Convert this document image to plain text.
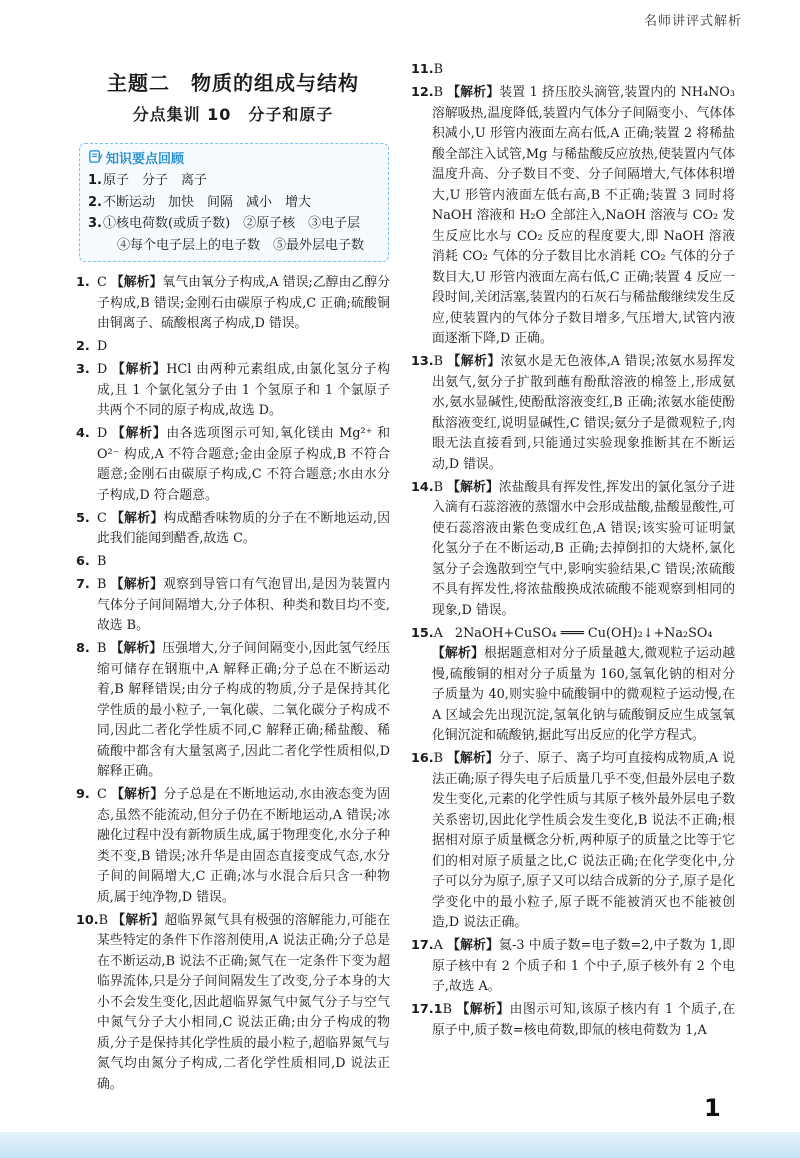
名师讲评式解析
主题二　物质的组成与结构
分点集训 10　分子和原子
知识要点回顾
1.原子　分子　离子
2.不断运动　加快　间隔　减小　增大
3.①核电荷数(或质子数)　②原子核　③电子层
④每个电子层上的电子数　⑤最外层电子数
1. C 【解析】氧气由氧分子构成,A 错误;乙醇由乙醇分子构成,B 错误;金刚石由碳原子构成,C 正确;硫酸铜由铜离子、硫酸根离子构成,D 错误。
2. D
3. D 【解析】HCl 由两种元素组成,由氯化氢分子构成,且 1 个氯化氢分子由 1 个氢原子和 1 个氯原子共两个不同的原子构成,故选 D。
4. D 【解析】由各选项图示可知,氧化镁由 Mg²⁺ 和 O²⁻ 构成,A 不符合题意;金由金原子构成,B 不符合题意;金刚石由碳原子构成,C 不符合题意;水由水分子构成,D 符合题意。
5. C 【解析】构成醋香味物质的分子在不断地运动,因此我们能闻到醋香,故选 C。
6. B
7. B 【解析】观察到导管口有气泡冒出,是因为装置内气体分子间间隔增大,分子体积、种类和数目均不变,故选 B。
8. B 【解析】压强增大,分子间间隔变小,因此氢气经压缩可储存在钢瓶中,A 解释正确;分子总在不断运动着,B 解释错误;由分子构成的物质,分子是保持其化学性质的最小粒子,一氧化碳、二氧化碳分子构成不同,因此二者化学性质不同,C 解释正确;稀盐酸、稀硫酸中都含有大量氢离子,因此二者化学性质相似,D 解释正确。
9. C 【解析】分子总是在不断地运动,水由液态变为固态,虽然不能流动,但分子仍在不断地运动,A 错误;冰融化过程中没有新物质生成,属于物理变化,水分子种类不变,B 错误;冰升华是由固态直接变成气态,水分子间的间隔增大,C 正确;冰与水混合后只含一种物质,属于纯净物,D 错误。
10.B 【解析】超临界氮气具有极强的溶解能力,可能在某些特定的条件下作溶剂使用,A 说法正确;分子总是在不断运动,B 说法不正确;氮气在一定条件下变为超临界流体,只是分子间间隔发生了改变,分子本身的大小不会发生变化,因此超临界氮气中氮气分子与空气中氮气分子大小相同,C 说法正确;由分子构成的物质,分子是保持其化学性质的最小粒子,超临界氮气与氮气均由氮分子构成,二者化学性质相同,D 说法正确。
11.B
12.B 【解析】装置 1 挤压胶头滴管,装置内的 NH₄NO₃ 溶解吸热,温度降低,装置内气体分子间隔变小、气体体积减小,U 形管内液面左高右低,A 正确;装置 2 将稀盐酸全部注入试管,Mg 与稀盐酸反应放热,使装置内气体温度升高、分子数目不变、分子间隔增大,气体体积增大,U 形管内液面左低右高,B 不正确;装置 3 同时将 NaOH 溶液和 H₂O 全部注入,NaOH 溶液与 CO₂ 发生反应比水与 CO₂ 反应的程度要大,即 NaOH 溶液消耗 CO₂ 气体的分子数目比水消耗 CO₂ 气体的分子数目大,U 形管内液面左高右低,C 正确;装置 4 反应一段时间,关闭活塞,装置内的石灰石与稀盐酸继续发生反应,使装置内的气体分子数目增多,气压增大,试管内液面逐渐下降,D 正确。
13.B 【解析】浓氨水是无色液体,A 错误;浓氨水易挥发出氨气,氨分子扩散到蘸有酚酞溶液的棉签上,形成氨水,氨水显碱性,使酚酞溶液变红,B 正确;浓氨水能使酚酞溶液变红,说明显碱性,C 错误;氨分子是微观粒子,肉眼无法直接看到,只能通过实验现象推断其在不断运动,D 错误。
14.B 【解析】浓盐酸具有挥发性,挥发出的氯化氢分子进入滴有石蕊溶液的蒸馏水中会形成盐酸,盐酸显酸性,可使石蕊溶液由紫色变成红色,A 错误;该实验可证明氯化氢分子在不断运动,B 正确;去掉倒扣的大烧杯,氯化氢分子会逸散到空气中,影响实验结果,C 错误;浓硫酸不具有挥发性,将浓盐酸换成浓硫酸不能观察到相同的现象,D 错误。
15.A 2NaOH+CuSO₄ ═══ Cu(OH)₂↓+Na₂SO₄
【解析】根据题意相对分子质量越大,微观粒子运动越慢,硫酸铜的相对分子质量为 160,氢氧化钠的相对分子质量为 40,则实验中硫酸铜中的微观粒子运动慢,在 A 区域会先出现沉淀,氢氧化钠与硫酸铜反应生成氢氧化铜沉淀和硫酸钠,据此写出反应的化学方程式。
16.B 【解析】分子、原子、离子均可直接构成物质,A 说法正确;原子得失电子后质量几乎不变,但最外层电子数发生变化,元素的化学性质与其原子核外最外层电子数关系密切,因此化学性质会发生变化,B 说法不正确;根据相对原子质量概念分析,两种原子的质量之比等于它们的相对原子质量之比,C 说法正确;在化学变化中,分子可以分为原子,原子又可以结合成新的分子,原子是化学变化中的最小粒子,原子既不能被消灭也不能被创造,D 说法正确。
17.A 【解析】氦-3 中质子数=电子数=2,中子数为 1,即原子核中有 2 个质子和 1 个中子,原子核外有 2 个电子,故选 A。
17.1B 【解析】由图示可知,该原子核内有 1 个质子,在原子中,质子数=核电荷数,即氚的核电荷数为 1,A
1
